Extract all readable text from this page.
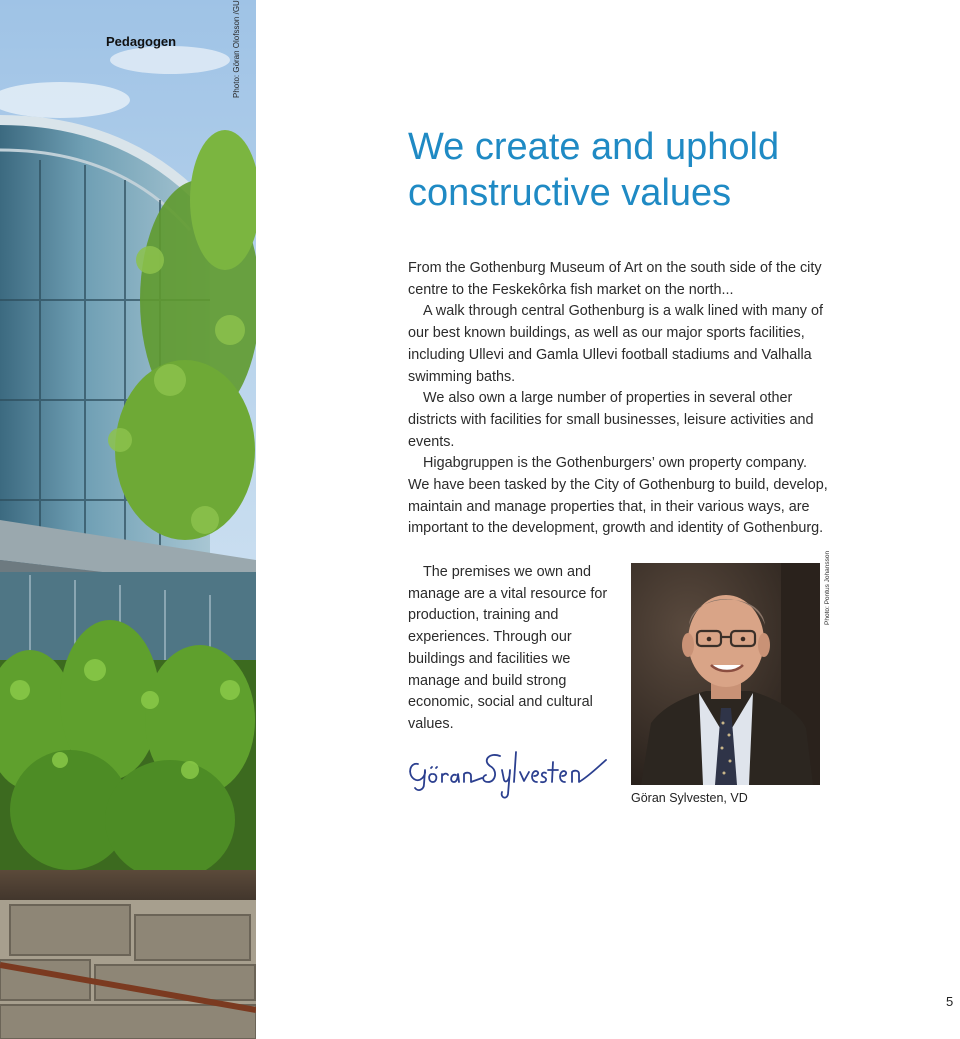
Pedagogen	Photo: Göran Olofsson /GU
We create and uphold constructive values

From the Gothenburg Museum of Art on the south side of the city centre to the Feskekôrka fish market on the north...

A walk through central Gothenburg is a walk lined with many of our best known buildings, as well as our major sports facilities, including Ullevi and Gamla Ullevi football stadiums and Valhalla swimming baths.

We also own a large number of properties in several other districts with facilities for small businesses, leisure activities and events.

Higabgruppen is the Gothenburgers’ own property company.

We have been tasked by the City of Gothenburg to build, develop, maintain and manage properties that, in their various ways, are important to the development, growth and identity of Gothenburg.

The premises we own and manage are a vital resource for production, training and experiences. Through our buildings and facilities we manage and build strong economic, social and cultural values.

Photo: Pontus Johansson
Göran Sylvesten, VD
5
